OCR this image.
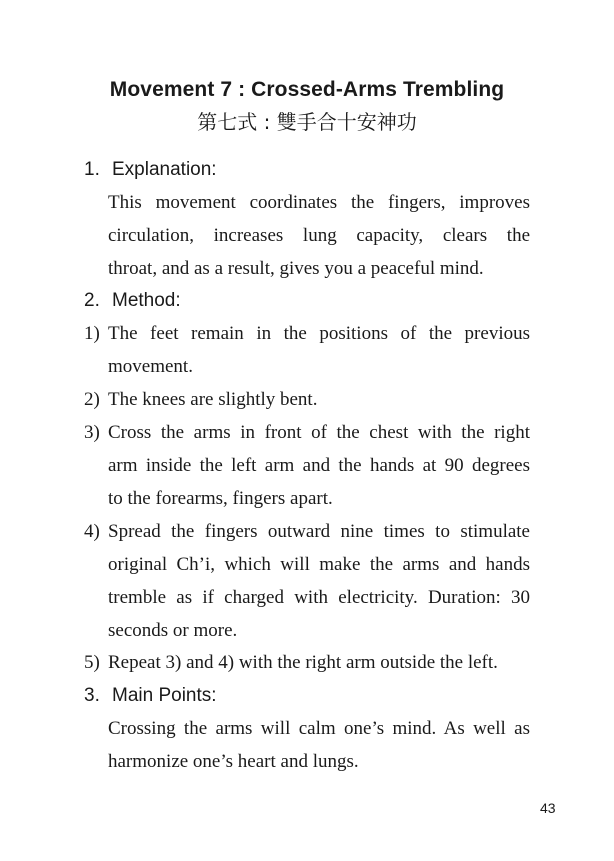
Movement 7 : Crossed-Arms Trembling
第七式 : 雙手合十安神功
1. Explanation:
This movement coordinates the fingers, improves
circulation, increases lung capacity, clears the
throat, and as a result, gives you a peaceful mind.
2. Method:
1) The feet remain in the positions of the previous
movement.
2) The knees are slightly bent.
3) Cross the arms in front of the chest with the right
arm inside the left arm and the hands at 90 degrees
to the forearms, fingers apart.
4) Spread the fingers outward nine times to stimulate
original Ch’i, which will make the arms and hands
tremble as if charged with electricity. Duration: 30
seconds or more.
5) Repeat 3) and 4) with the right arm outside the left.
3. Main Points:
Crossing the arms will calm one’s mind. As well as
harmonize one’s heart and lungs.
43
